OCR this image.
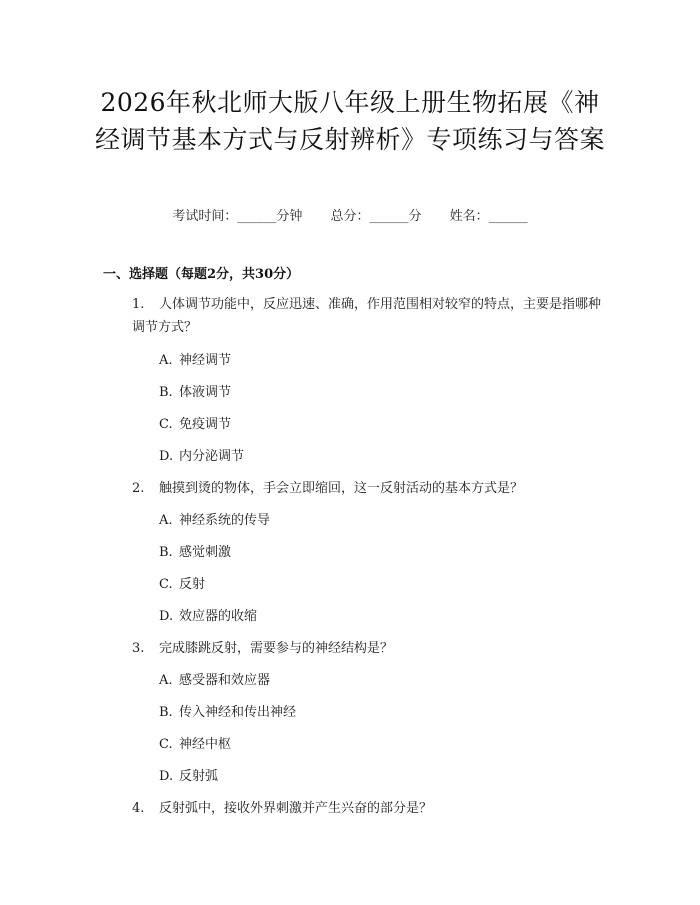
2026年秋北师大版八年级上册生物拓展《神经调节基本方式与反射辨析》专项练习与答案
考试时间：______分钟 总分：______分 姓名：______
一、选择题（每题2分，共30分）
1. 人体调节功能中，反应迅速、准确，作用范围相对较窄的特点，主要是指哪种调节方式？
A. 神经调节
B. 体液调节
C. 免疫调节
D. 内分泌调节
2. 触摸到烫的物体，手会立即缩回，这一反射活动的基本方式是？
A. 神经系统的传导
B. 感觉刺激
C. 反射
D. 效应器的收缩
3. 完成膝跳反射，需要参与的神经结构是？
A. 感受器和效应器
B. 传入神经和传出神经
C. 神经中枢
D. 反射弧
4. 反射弧中，接收外界刺激并产生兴奋的部分是？
